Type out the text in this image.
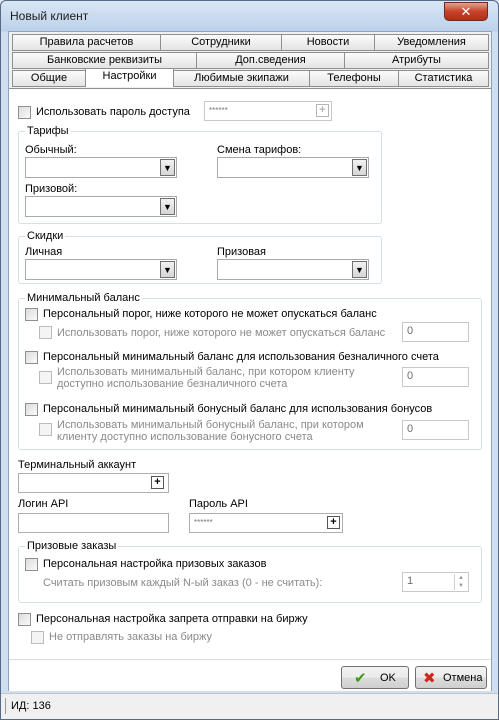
Новый клиент	✕
Правила расчетов	Сотрудники	Новости	Уведомления
Банковские реквизиты	Доп.сведения	Атрибуты
Общие	Настройки	Любимые экипажи	Телефоны	Статистика
Использовать пароль доступа	******	+
Тарифы
Обычный:
▼
Смена тарифов:
▼
Призовой:
▼
Скидки
Личная
▼
Призовая
▼
Минимальный баланс
Персональный порог, ниже которого не может опускаться баланс
Использовать порог, ниже которого не может опускаться баланс	0
Персональный минимальный баланс для использования безналичного счета
Использовать минимальный баланс, при котором клиенту
доступно использование безналичного счета
0
Персональный минимальный бонусный баланс для использования бонусов
Использовать минимальный бонусный баланс, при котором
клиенту доступно использование бонусного счета
0
Терминальный аккаунт
+
Логин API	Пароль API
******	+
Призовые заказы
Персональная настройка призовых заказов
Считать призовым каждый N-ый заказ (0 - не считать):	1	▲
▼
Персональная настройка запрета отправки на биржу
Не отправлять заказы на биржу
✔ OK ✖ Отмена
ИД: 136
